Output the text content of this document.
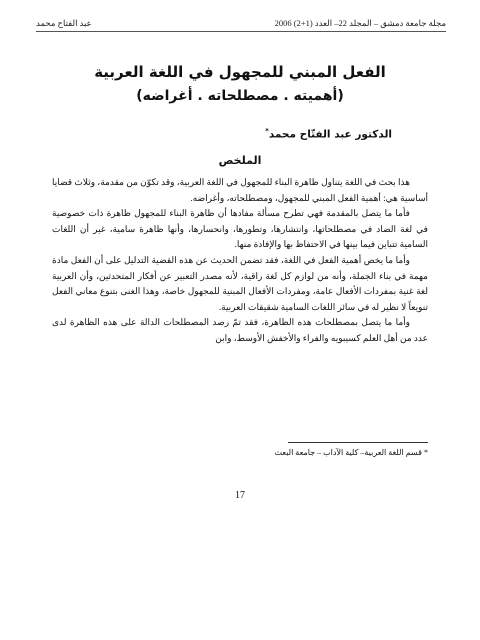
مجلة جامعة دمشق – المجلد 22– العدد (1+2) 2006
عبد الفتاح محمد
الفعل المبني للمجهول في اللغة العربية
(أهميته . مصطلحاته . أغراضه)
الدكتور عبد الفتّاح محمد*
الملخص

هذا بحث في اللغة يتناول ظاهرة البناء للمجهول في اللغة العربية، وقد تكوّن من مقدمة، وثلاث قضايا أساسية هي: أهمية الفعل المبني للمجهول، ومصطلحاته، وأغراضه.

فأما ما يتصل بالمقدمة فهي تطرح مسألة مفادها أن ظاهرة البناء للمجهول ظاهرة ذات خصوصية في لغة الضاد في مصطلحاتها، وانتشارها، وتطورها، وانحسارها، وأنها ظاهرة سامية، غير أن اللغات السامية تتباين فيما بينها في الاحتفاظ بها والإفادة منها.

وأما ما يخص أهمية الفعل في اللغة، فقد تضمن الحديث عن هذه القضية التدليل على أن الفعل مادة مهمة في بناء الجملة، وأنه من لوازم كل لغة راقية، لأنه مصدر التعبير عن أفكار المتحدثين، وأن العربية لغة غنية بمفردات الأفعال عامة، ومفردات الأفعال المبنية للمجهول خاصة، وهذا الغنى بتنوع معاني الفعل تنويعاً لا نظير له في سائر اللغات السامية شقيقات العربية.

وأما ما يتصل بمصطلحات هذه الظاهرة، فقد تمّ رصد المصطلحات الدالة على هذه الظاهرة لدى عدد من أهل العلم كسيبويه والفراء والأخفش الأوسط، وابن

* قسم اللغة العربية– كلية الآداب – جامعة البعث
17
